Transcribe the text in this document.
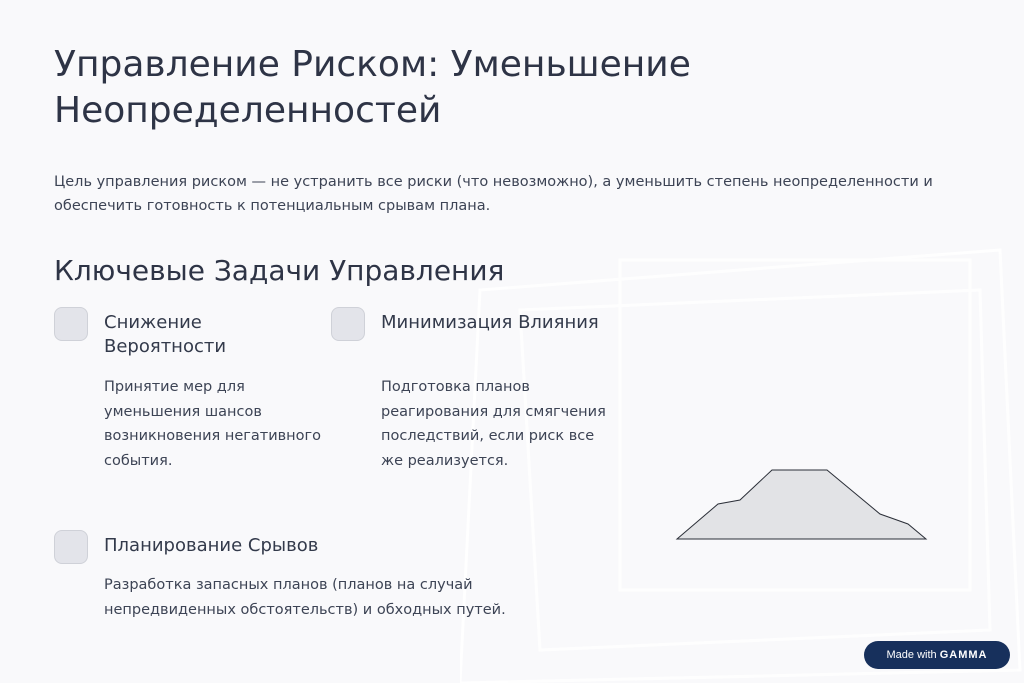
Управление Риском: Уменьшение Неопределенностей

Цель управления риском — не устранить все риски (что невозможно), а уменьшить степень неопределенности и обеспечить готовность к потенциальным срывам плана.

Ключевые Задачи Управления
Снижение Вероятности
Принятие мер для уменьшения шансов возникновения негативного события.
Минимизация Влияния
Подготовка планов реагирования для смягчения последствий, если риск все же реализуется.
Планирование Срывов
Разработка запасных планов (планов на случай непредвиденных обстоятельств) и обходных путей.
Made with GAMMA
